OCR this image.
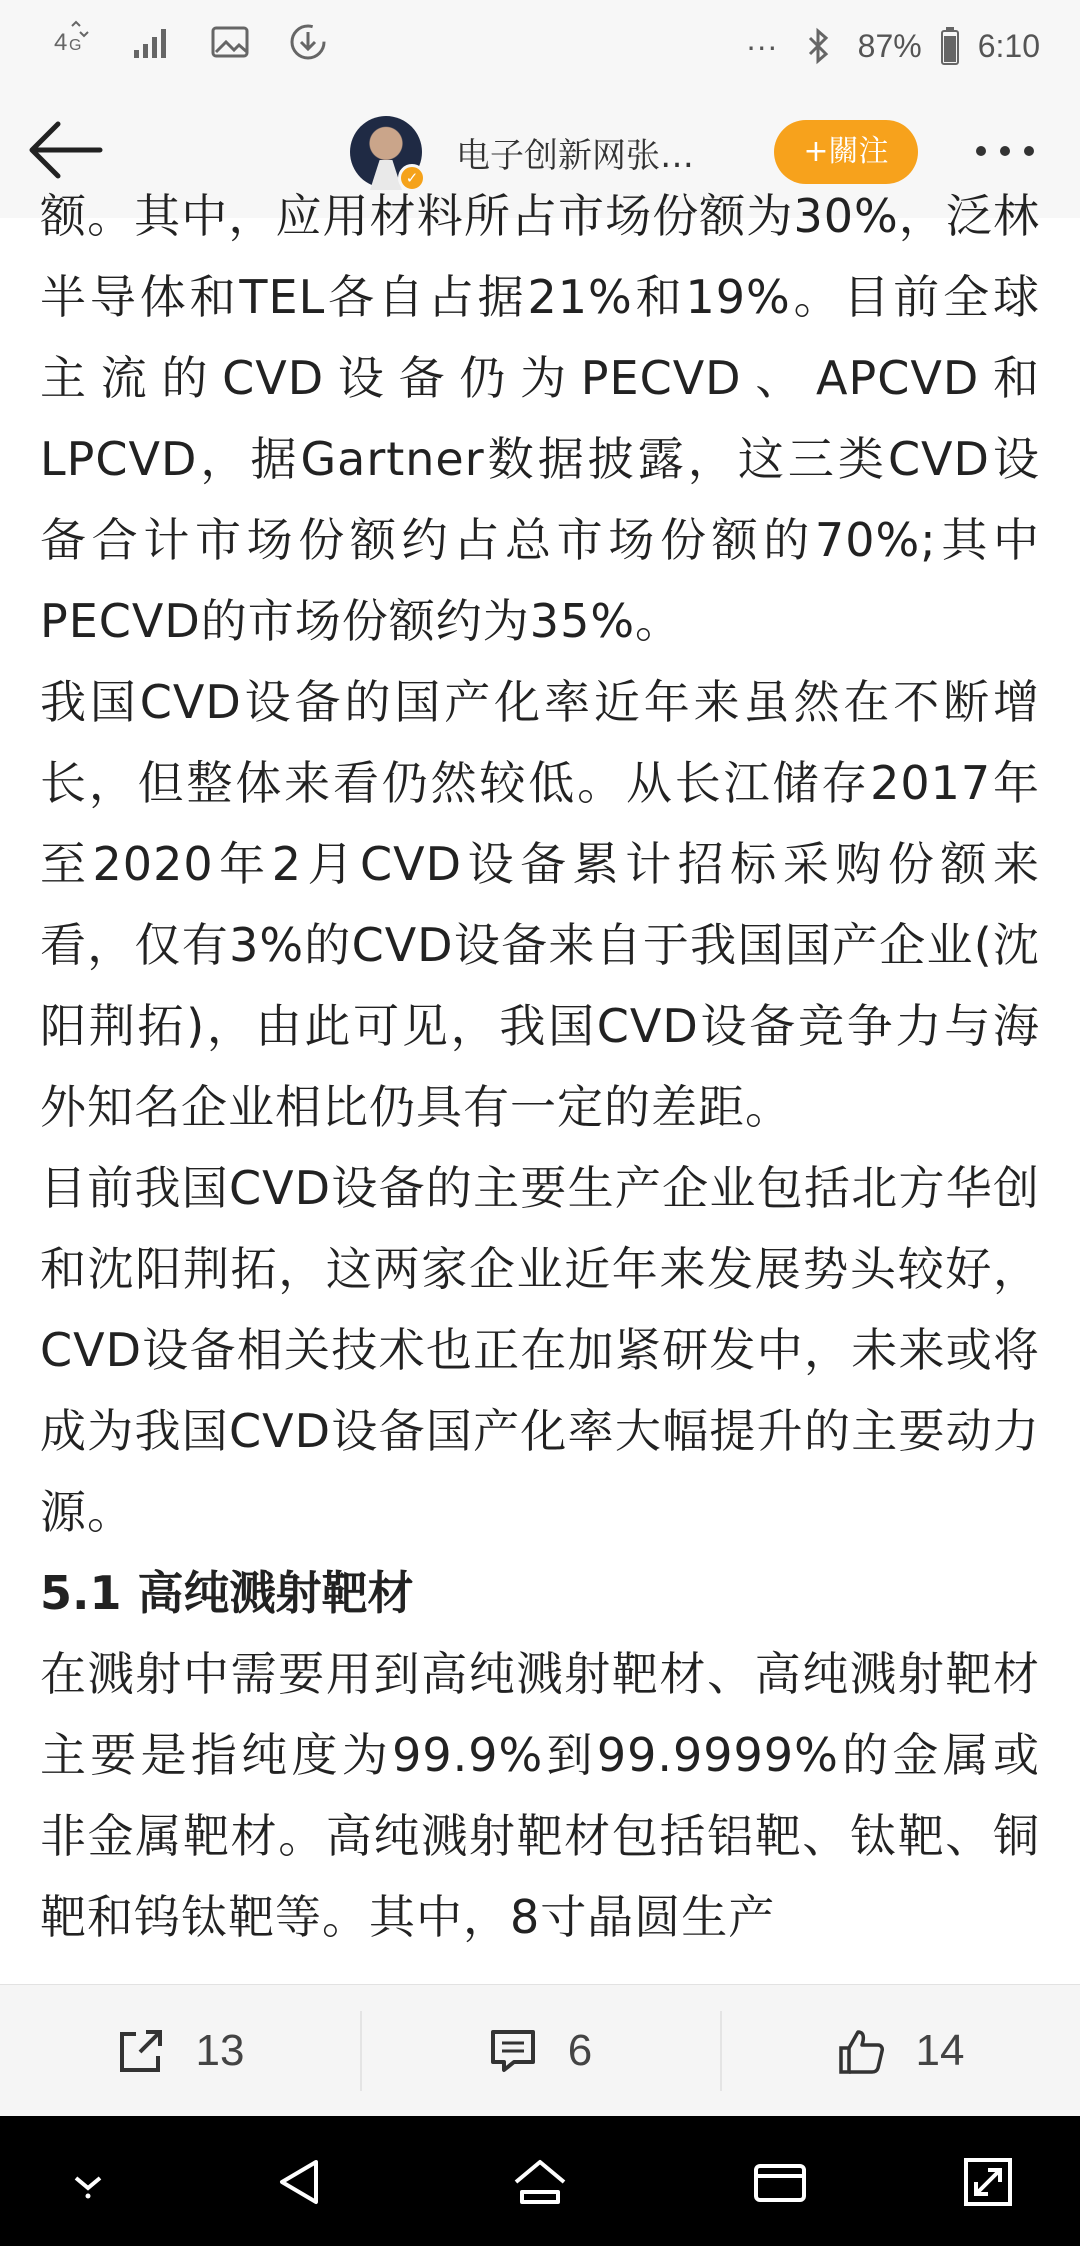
4 G	···	87% 6:10
✓
电子创新网张…	+關注

额。其中，应用材料所占市场份额为30%，泛林半导体和TEL各自占据21%和19%。目前全球主流的CVD设备仍为PECVD、APCVD和LPCVD，据Gartner数据披露，这三类CVD设备合计市场份额约占总市场份额的70%;其中PECVD的市场份额约为35%。

我国CVD设备的国产化率近年来虽然在不断增长，但整体来看仍然较低。从长江储存2017年至2020年2月CVD设备累计招标采购份额来看，仅有3%的CVD设备来自于我国国产企业(沈阳荆拓)，由此可见，我国CVD设备竞争力与海外知名企业相比仍具有一定的差距。

目前我国CVD设备的主要生产企业包括北方华创和沈阳荆拓，这两家企业近年来发展势头较好，CVD设备相关技术也正在加紧研发中，未来或将成为我国CVD设备国产化率大幅提升的主要动力源。

5.1 高纯溅射靶材

在溅射中需要用到高纯溅射靶材、高纯溅射靶材主要是指纯度为99.9%到99.9999%的金属或非金属靶材。高纯溅射靶材包括铝靶、钛靶、铜靶和钨钛靶等。其中，8寸晶圆生产

13	6	14
